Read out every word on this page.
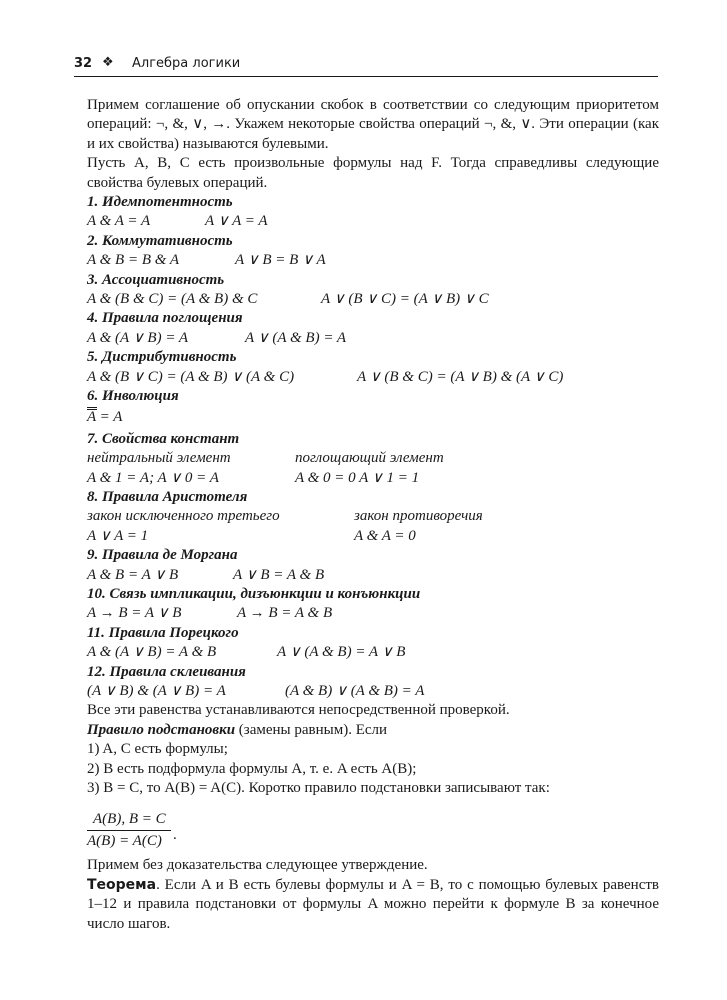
32 ❖ Алгебра логики

Примем соглашение об опускании скобок в соответствии со следующим приоритетом операций: ¬, &, ∨, →. Укажем некоторые свойства операций ¬, &, ∨. Эти операции (как и их свойства) называются булевыми.

Пусть A, B, C есть произвольные формулы над F. Тогда справедливы следующие свойства булевых операций.

1. Идемпотентность

A & A = A	A ∨ A = A

2. Коммутативность

A & B = B & A	A ∨ B = B ∨ A

3. Ассоциативность

A & (B & C) = (A & B) & C	A ∨ (B ∨ C) = (A ∨ B) ∨ C

4. Правила поглощения

A & (A ∨ B) = A	A ∨ (A & B) = A

5. Дистрибутивность

A & (B ∨ C) = (A & B) ∨ (A & C)	A ∨ (B & C) = (A ∨ B) & (A ∨ C)

6. Инволюция

A = A

7. Свойства констант

нейтральный элемент	поглощающий элемент
A & 1 = A; A ∨ 0 = A	A & 0 = 0 A ∨ 1 = 1

8. Правила Аристотеля

закон исключенного третьего	закон противоречия
A ∨ A = 1	A & A = 0

9. Правила де Моргана

A & B = A ∨ B	A ∨ B = A & B

10. Связь импликации, дизъюнкции и конъюнкции

A → B = A ∨ B	A → B = A & B

11. Правила Порецкого

A & (A ∨ B) = A & B	A ∨ (A & B) = A ∨ B

12. Правила склеивания

(A ∨ B) & (A ∨ B) = A	(A & B) ∨ (A & B) = A

Все эти равенства устанавливаются непосредственной проверкой.

Правило подстановки (замены равным). Если

1) A, C есть формулы;
2) B есть подформула формулы A, т. е. A есть A(B);
3) B = C, то A(B) = A(C). Коротко правило подстановки записывают так:
A(B), B = C
A(B) = A(C) .

Примем без доказательства следующее утверждение.

Теорема. Если A и B есть булевы формулы и A = B, то с помощью булевых равенств 1–12 и правила подстановки от формулы A можно перейти к формуле B за конечное число шагов.
